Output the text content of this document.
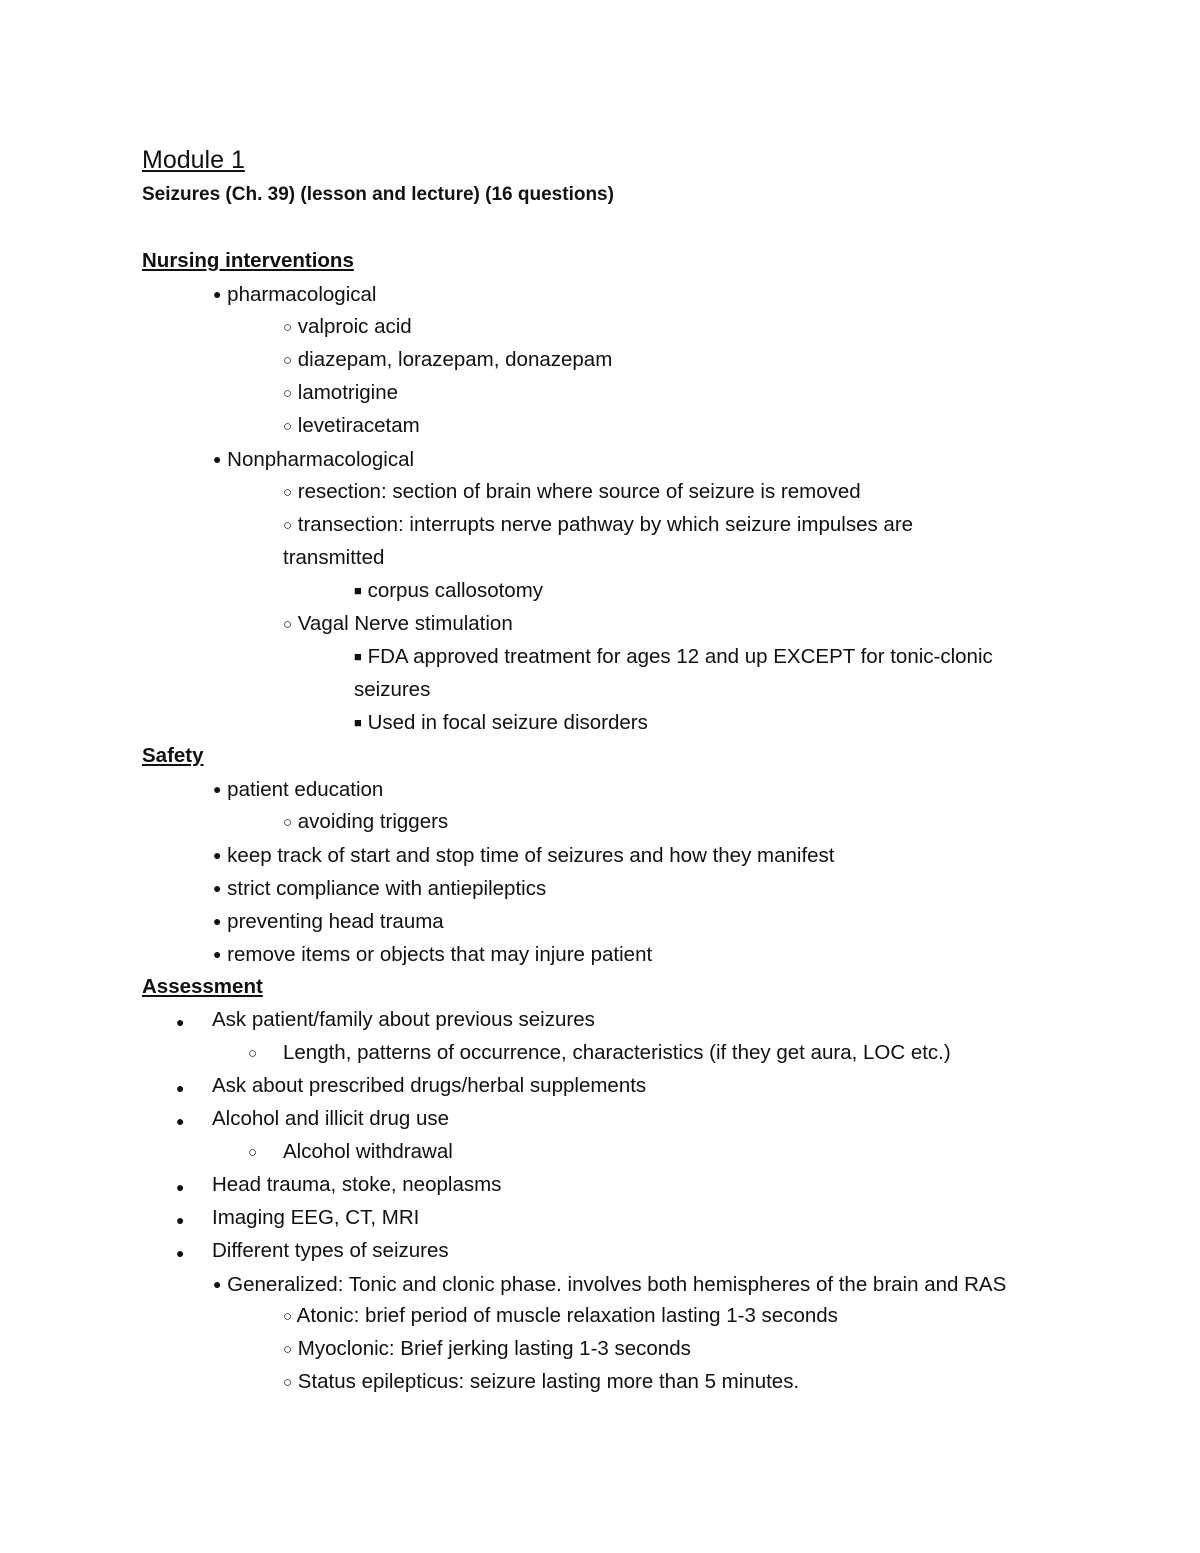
Module 1
Seizures (Ch. 39) (lesson and lecture) (16 questions)
Nursing interventions
● pharmacological
○ valproic acid
○ diazepam, lorazepam, donazepam
○ lamotrigine
○ levetiracetam
● Nonpharmacological
○ resection: section of brain where source of seizure is removed
○ transection: interrupts nerve pathway by which seizure impulses are
transmitted
■ corpus callosotomy
○ Vagal Nerve stimulation
■ FDA approved treatment for ages 12 and up EXCEPT for tonic-clonic
seizures
■ Used in focal seizure disorders
Safety
● patient education
○ avoiding triggers
● keep track of start and stop time of seizures and how they manifest
● strict compliance with antiepileptics
● preventing head trauma
● remove items or objects that may injure patient
Assessment
● Ask patient/family about previous seizures
○ Length, patterns of occurrence, characteristics (if they get aura, LOC etc.)
● Ask about prescribed drugs/herbal supplements
● Alcohol and illicit drug use
○ Alcohol withdrawal
● Head trauma, stoke, neoplasms
● Imaging EEG, CT, MRI
● Different types of seizures
● Generalized: Tonic and clonic phase. involves both hemispheres of the brain and RAS
○ Atonic: brief period of muscle relaxation lasting 1-3 seconds
○ Myoclonic: Brief jerking lasting 1-3 seconds
○ Status epilepticus: seizure lasting more than 5 minutes.
